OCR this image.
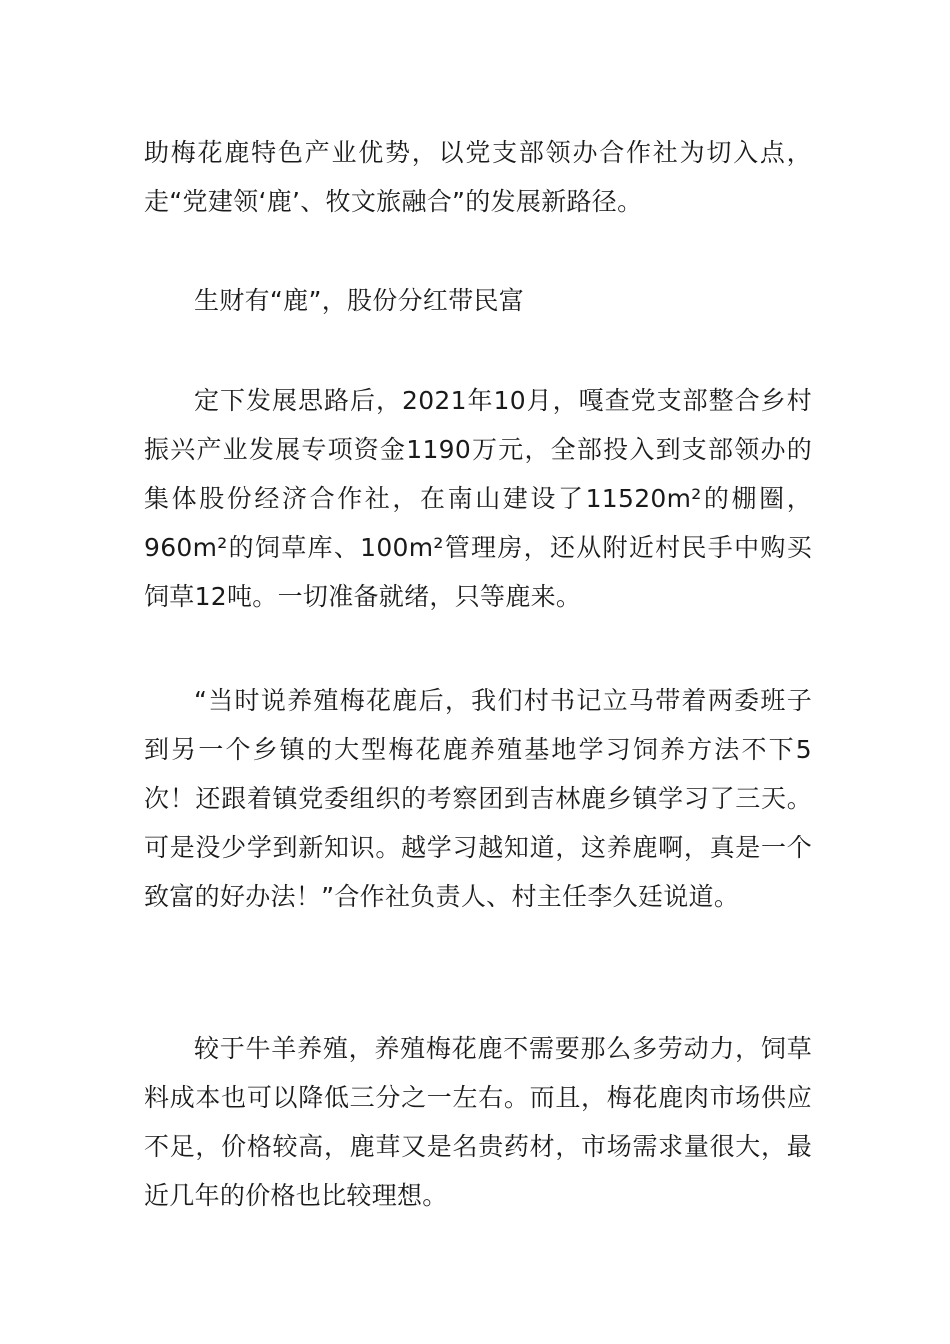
助梅花鹿特色产业优势，以党支部领办合作社为切入点，走“党建领‘鹿’、牧文旅融合”的发展新路径。

生财有“鹿”，股份分红带民富

定下发展思路后，2021年10月，嘎查党支部整合乡村振兴产业发展专项资金1190万元，全部投入到支部领办的集体股份经济合作社，在南山建设了11520m²的棚圈，960m²的饲草库、100m²管理房，还从附近村民手中购买饲草12吨。一切准备就绪，只等鹿来。

“当时说养殖梅花鹿后，我们村书记立马带着两委班子到另一个乡镇的大型梅花鹿养殖基地学习饲养方法不下5次！还跟着镇党委组织的考察团到吉林鹿乡镇学习了三天。可是没少学到新知识。越学习越知道，这养鹿啊，真是一个致富的好办法！”合作社负责人、村主任李久廷说道。

较于牛羊养殖，养殖梅花鹿不需要那么多劳动力，饲草料成本也可以降低三分之一左右。而且，梅花鹿肉市场供应不足，价格较高，鹿茸又是名贵药材，市场需求量很大，最近几年的价格也比较理想。
